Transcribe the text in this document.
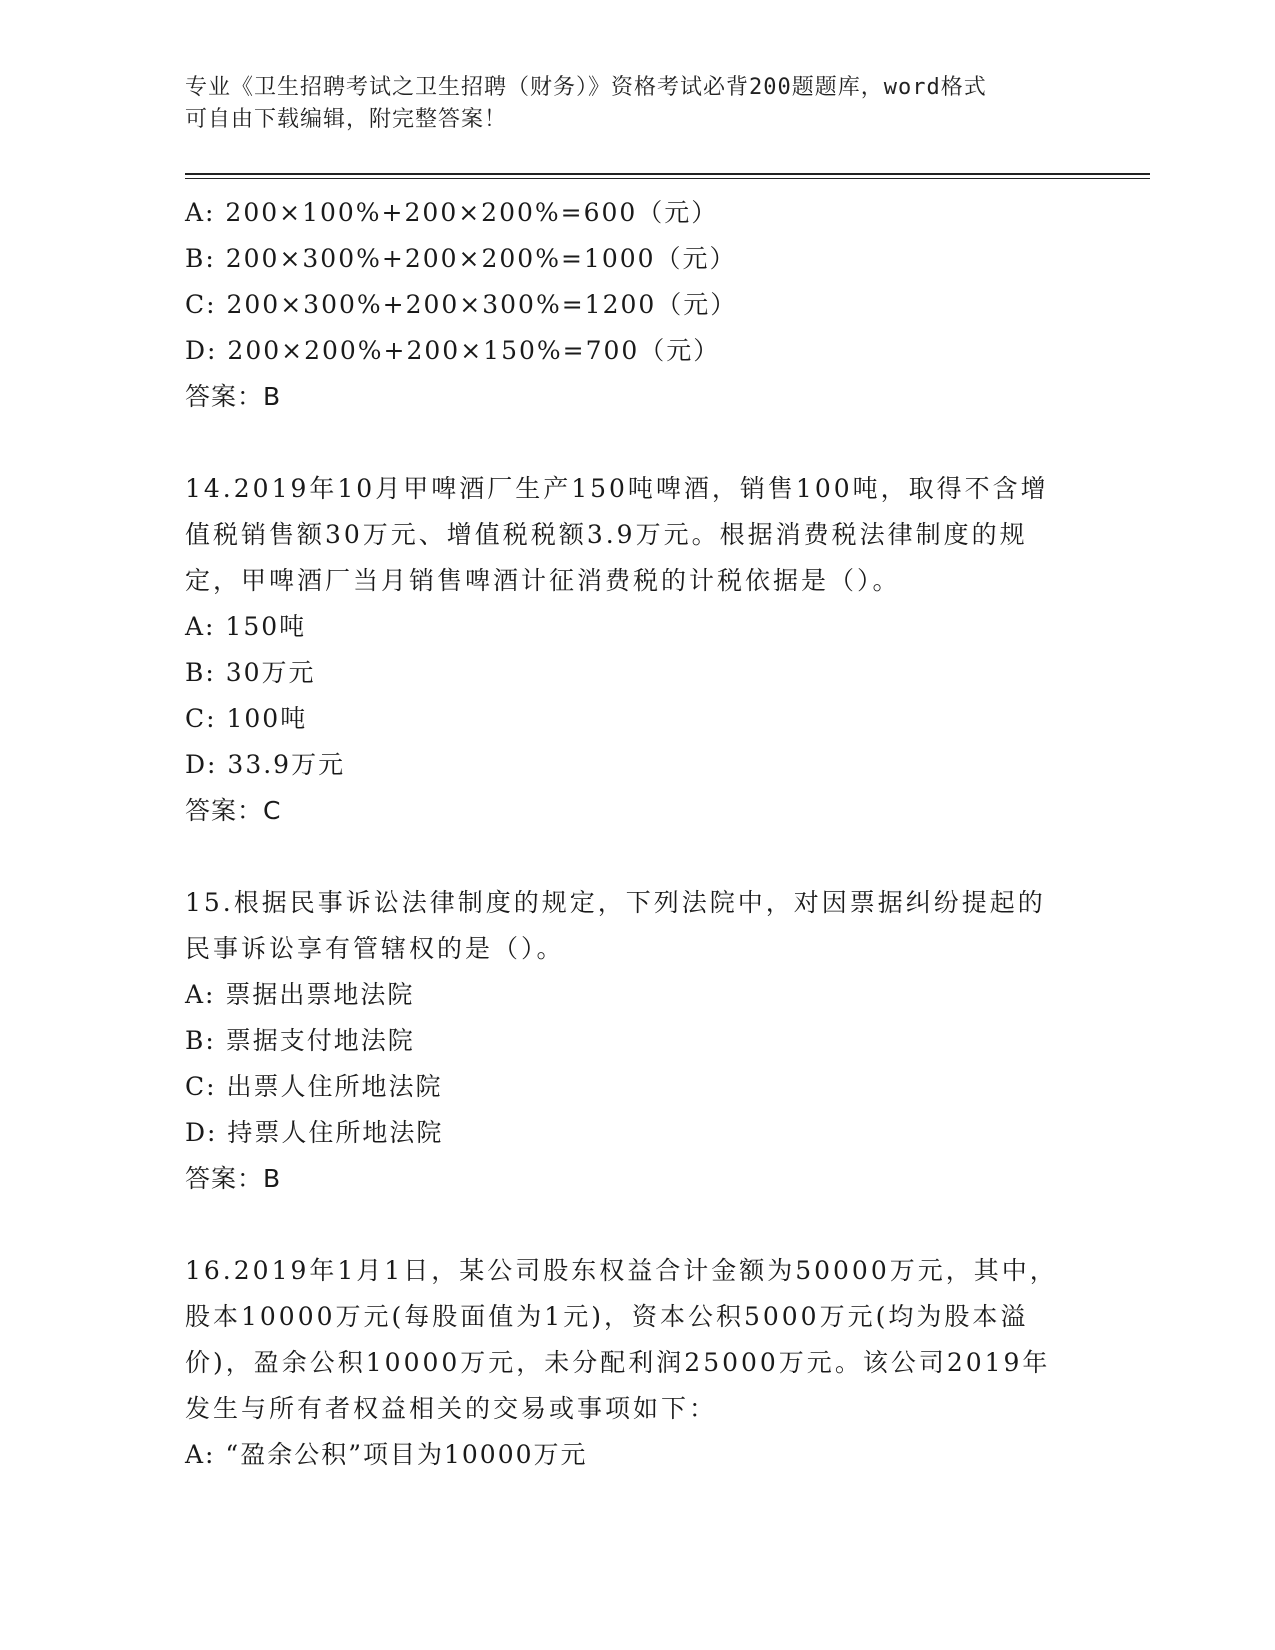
专业《卫生招聘考试之卫生招聘（财务）》资格考试必背200题题库，word格式
可自由下载编辑，附完整答案！
A: 200×100%+200×200%=600（元）
B: 200×300%+200×200%=1000（元）
C: 200×300%+200×300%=1200（元）
D: 200×200%+200×150%=700（元）
答案：B
14.2019年10月甲啤酒厂生产150吨啤酒，销售100吨，取得不含增
值税销售额30万元、增值税税额3.9万元。根据消费税法律制度的规
定，甲啤酒厂当月销售啤酒计征消费税的计税依据是（）。
A: 150吨
B: 30万元
C: 100吨
D: 33.9万元
答案：C
15.根据民事诉讼法律制度的规定，下列法院中，对因票据纠纷提起的
民事诉讼享有管辖权的是（）。
A: 票据出票地法院
B: 票据支付地法院
C: 出票人住所地法院
D: 持票人住所地法院
答案：B
16.2019年1月1日，某公司股东权益合计金额为50000万元，其中，
股本10000万元(每股面值为1元)，资本公积5000万元(均为股本溢
价)，盈余公积10000万元，未分配利润25000万元。该公司2019年
发生与所有者权益相关的交易或事项如下：
A: “盈余公积”项目为10000万元
